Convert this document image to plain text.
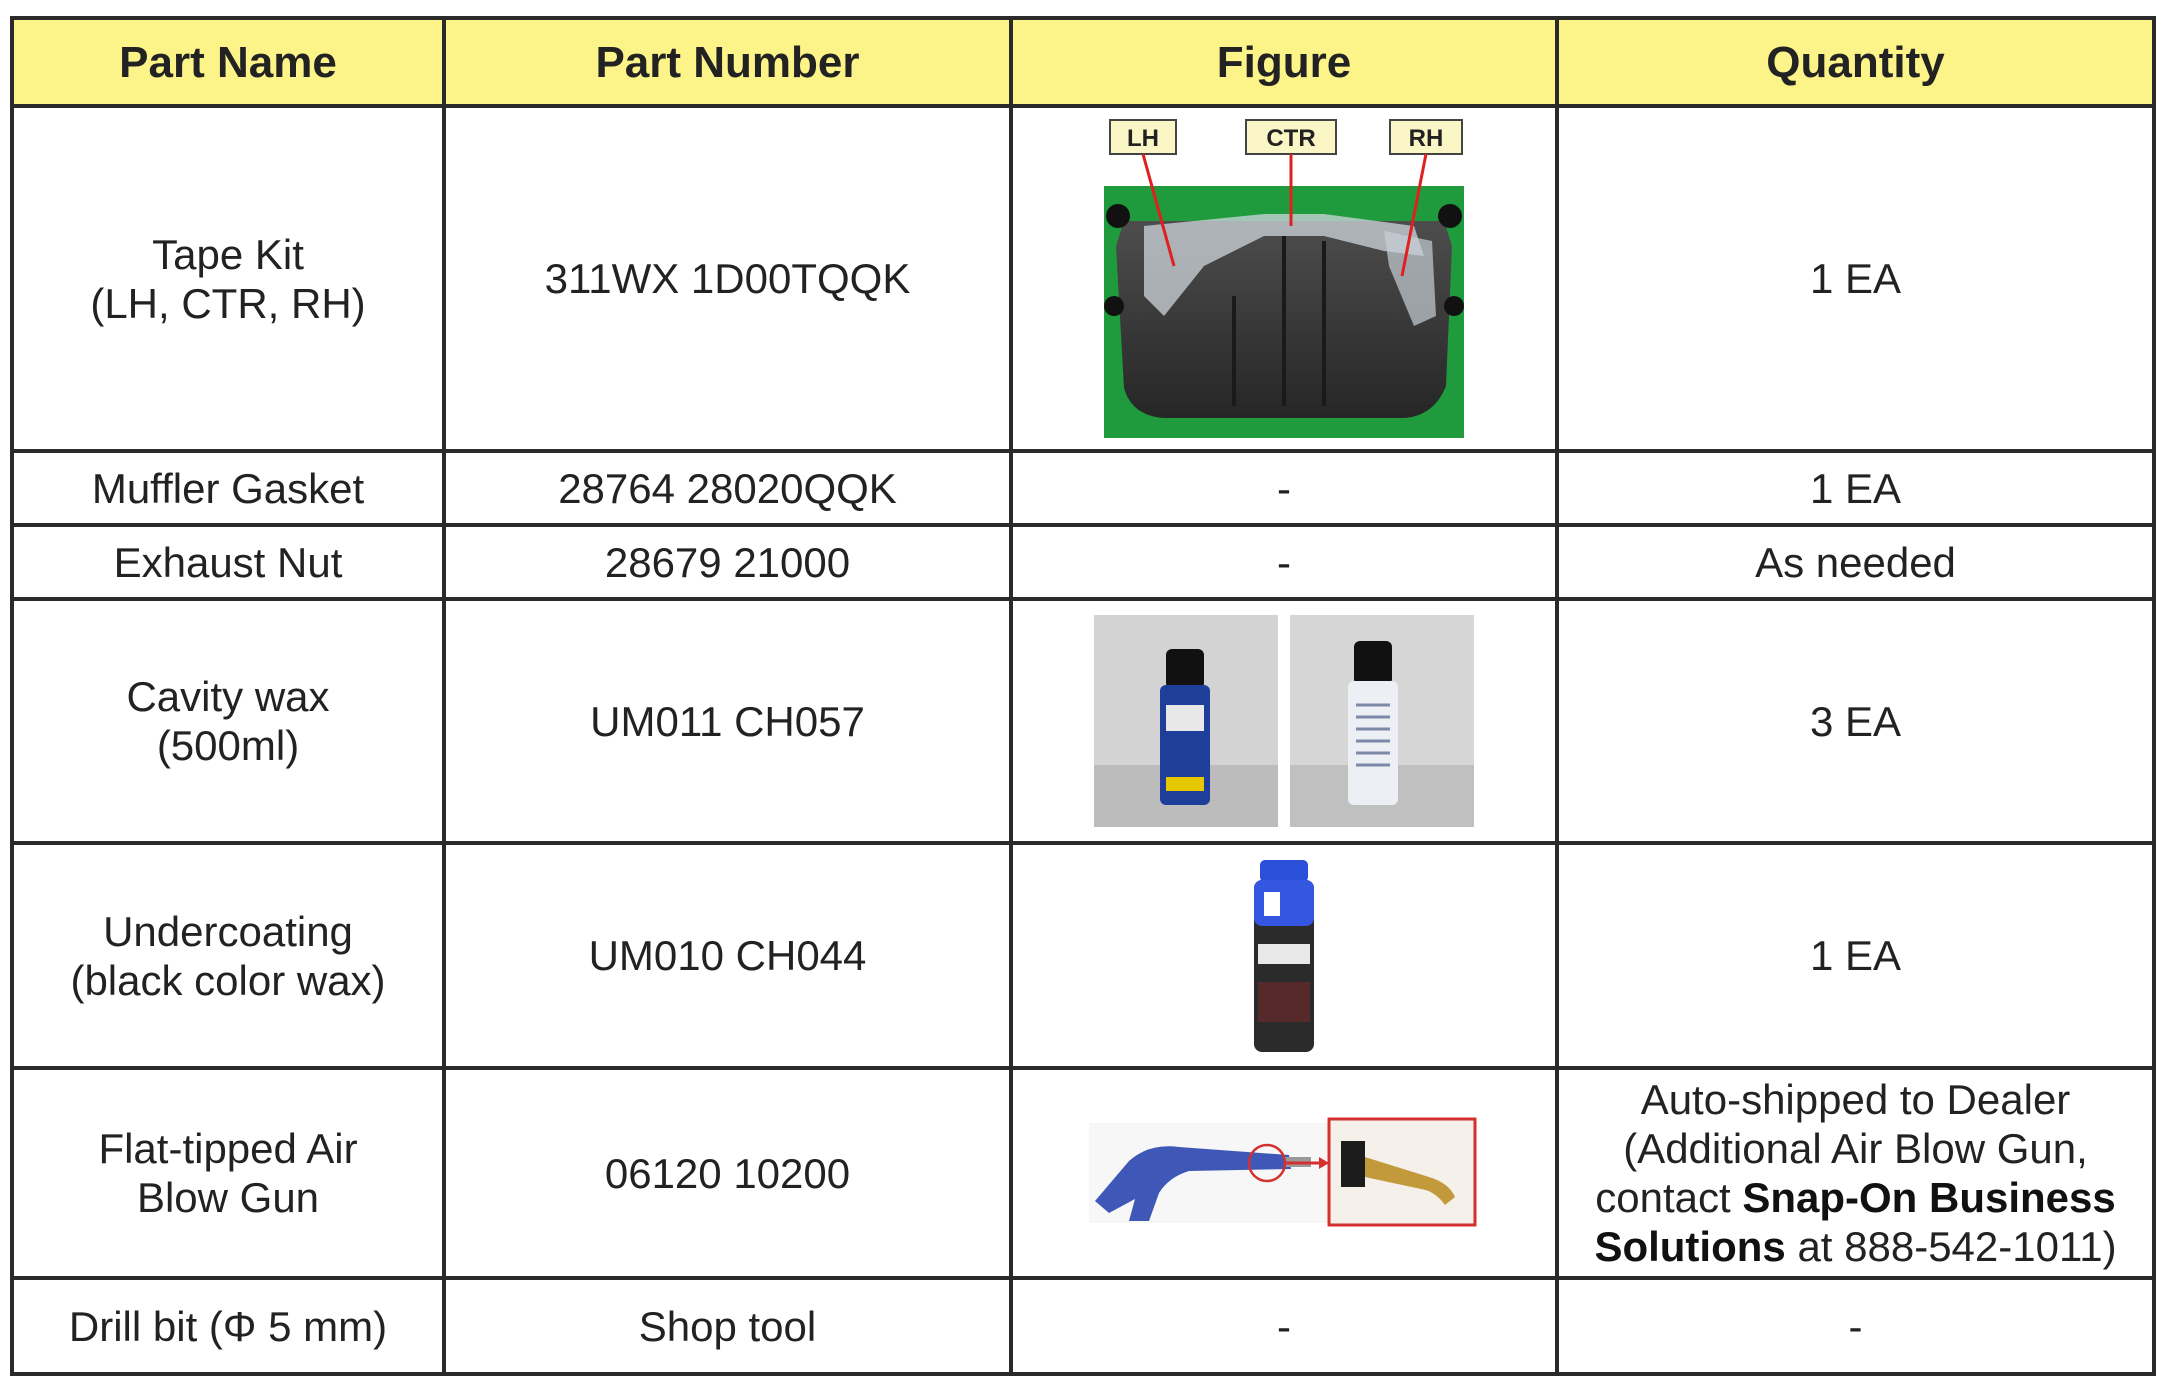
Part Name	Part Number	Figure	Quantity
Tape Kit
(LH, CTR, RH)	311WX 1D00TQQK	LH CTR RH	1 EA
Muffler Gasket	28764 28020QQK	-	1 EA
Exhaust Nut	28679 21000	-	As needed
Cavity wax
(500ml)	UM011 CH057		3 EA
Undercoating
(black color wax)	UM010 CH044		1 EA
Flat-tipped Air
Blow Gun	06120 10200		Auto-shipped to Dealer
(Additional Air Blow Gun,
contact Snap-On Business
Solutions at 888-542-1011)
Drill bit (Φ 5 mm)	Shop tool	-	-
